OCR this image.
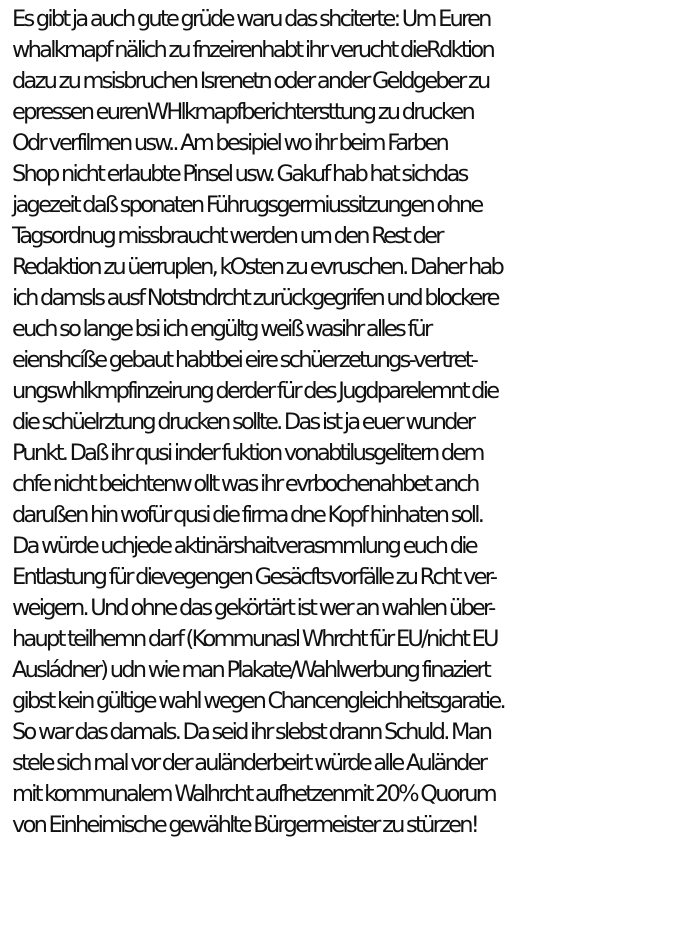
Es gibt ja auch gute grüde waru das shciterte: Um Euren
whalkmapf nälich zu fnzeirenhabt ihr verucht dieRdktion
dazu zu msisbruchen Isrenetn oder ander Geldgeber zu
epressen eurenWHlkmapfberichtersttung zu drucken
Odr verfilmen usw.. Am besipiel wo ihr beim Farben
Shop nicht erlaubte Pinsel usw. Gakuf hab hat sichdas
jagezeit daß sponaten Führugsgermiussitzungen ohne
Tagsordnug missbraucht werden um den Rest der
Redaktion zu üerruplen, kOsten zu evruschen. Daher hab
ich damsls ausf Notstndrcht zurückgegrifen und blockere
euch so lange bsi ich engültg weiß wasihr alles für
eienshcíße gebaut habtbei eire schüerzetungs-vertret-
ungswhlkmpfinzeirung derder für des Jugdparelemnt die
die schüelrztung drucken sollte. Das ist ja euer wunder
Punkt. Daß ihr qusi inder fuktion vonabtilusgelitern dem
chfe nicht beichtenw ollt was ihr evrbochenahbet anch
darußen hin wofür qusi die firma dne Kopf hinhaten soll.
Da würde uchjede aktinärshaitverasmmlung euch die
Entlastung für dievegengen Gesäcftsvorfälle zu Rcht ver-
weigern. Und ohne das gekörtärt ist wer an wahlen über-
haupt teilhemn darf (Kommunasl Whrcht für EU/nicht EU
Ausládner) udn wie man Plakate/Wahlwerbung finaziert
gibst kein gültige wahl wegen Chancengleichheitsgaratie.
So war das damals. Da seid ihr slebst drann Schuld. Man
stele sich mal vor der auländerbeirt würde alle Auländer
mit kommunalem Walhrcht aufhetzenmit 20% Quorum
von Einheimische gewählte Bürgermeister zu stürzen!
